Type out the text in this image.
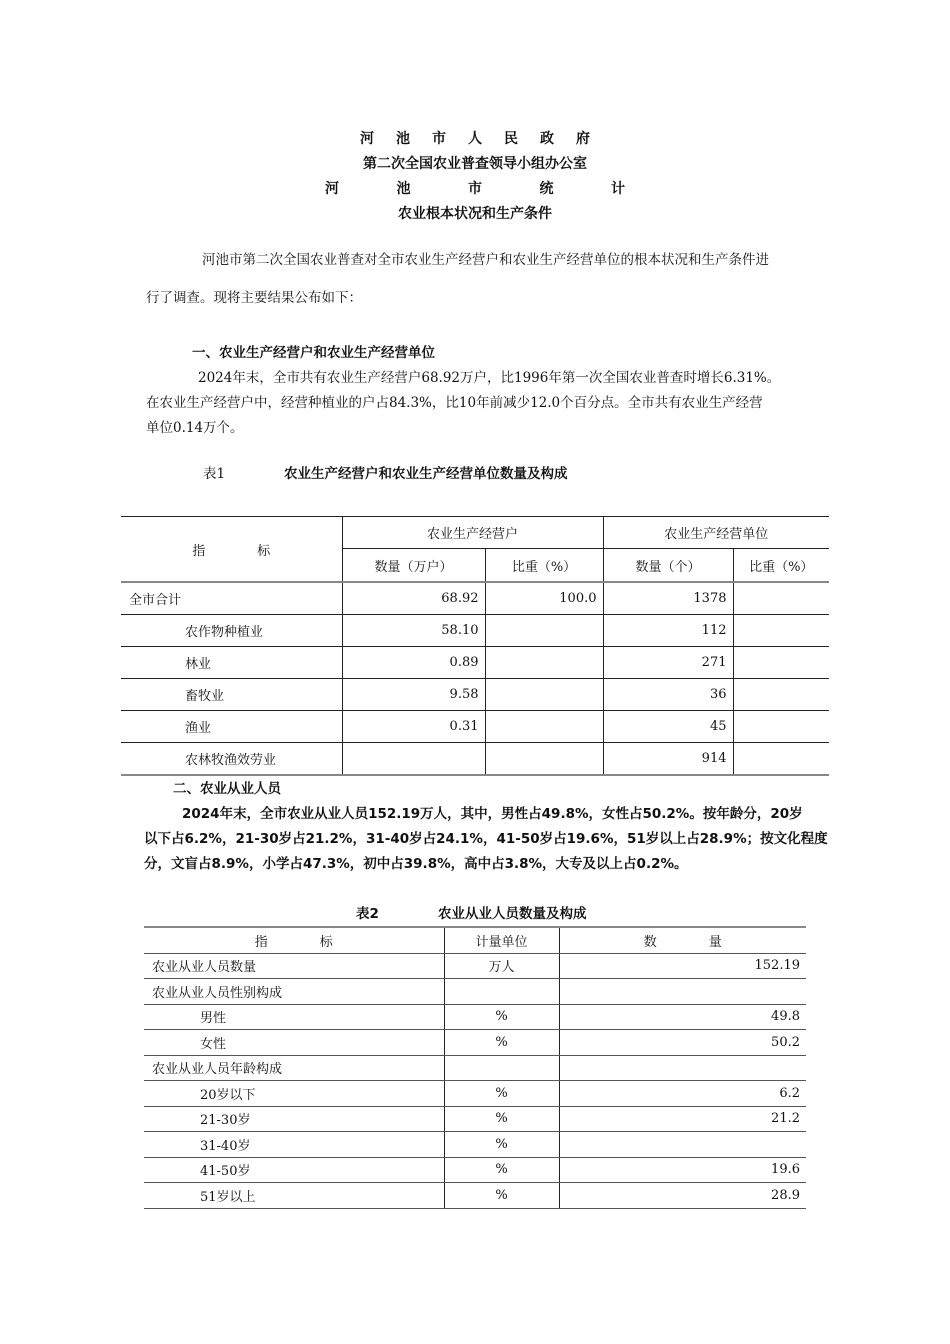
河 池 市 人 民 政 府
第二次全国农业普查领导小组办公室
河	池	市	统	计
农业根本状况和生产条件
河池市第二次全国农业普查对全市农业生产经营户和农业生产经营单位的根本状况和生产条件进
行了调查。现将主要结果公布如下：
一、农业生产经营户和农业生产经营单位
2024年末，全市共有农业生产经营户68.92万户，比1996年第一次全国农业普查时增长6.31%。
在农业生产经营户中，经营种植业的户占84.3%，比10年前减少12.0个百分点。全市共有农业生产经营
单位0.14万个。
表1	农业生产经营户和农业生产经营单位数量及构成
指　　　　标	农业生产经营户		农业生产经营单位	
	数量（万户）	比重（%）	数量（个）	比重（%）
全市合计	68.92	100.0	1378	
农作物种植业	58.10		112	
林业	0.89		271	
畜牧业	9.58		36	
渔业	0.31		45	
农林牧渔效劳业			914	
二、农业从业人员
2024年末，全市农业从业人员152.19万人，其中，男性占49.8%，女性占50.2%。按年龄分，20岁
以下占6.2%，21-30岁占21.2%，31-40岁占24.1%，41-50岁占19.6%，51岁以上占28.9%；按文化程度
分，文盲占8.9%，小学占47.3%，初中占39.8%，高中占3.8%，大专及以上占0.2%。
表2	农业从业人员数量及构成
指　　　　标	计量单位	数　　　　量
农业从业人员数量	万人	152.19
农业从业人员性别构成		
男性	%	49.8
女性	%	50.2
农业从业人员年龄构成		
20岁以下	%	6.2
21-30岁	%	21.2
31-40岁	%	
41-50岁	%	19.6
51岁以上	%	28.9
